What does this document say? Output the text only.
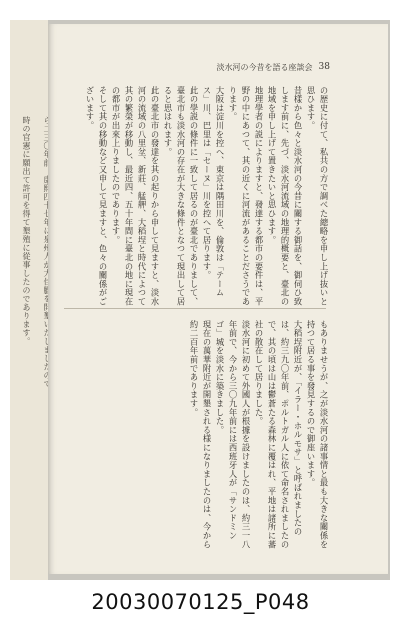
時の官憲に願出て許可を得て墾殖に從事したのであります。

淡水河の今昔を語る座談会 38

の歴史に付て、私共の方で調べた總略を申し上げ抜いと思ひます。

昔樣から色々と淡水河の今昔に關する御話を、御伺ひ致します前に、先づ、淡水河流域の地理的概要と、臺北の地域を申し上げて置きたいと思ひます。

地理學者の説によりますと、發達する都市の要件は、平野の中にあつて、其の近くに河流があることださうであります。

大阪は淀川を控へ、東京は隅田川を、倫敦は「テームス」川、巴里は「セーヌ」川を控へて居ります。

此の學説の條件に一致して居るのが臺北でありまして、臺北市も淡水河の存在が大きな條件となつて現出して居ると思はれます。

此の臺北市の發達を其の起りから申して見ますと、淡水河の流域の八里坌、新莊、艋舺、大稻埕と時代によつて其の繁榮が移動し、最近四、五十年間に臺北の地に現在の都市が出來上りましたのであります。

そして其の移動など又申して見ますと、色々の關係がございます。

もありませうが、之が淡水河の諸事情と最も大きな關係を持つて居る事を發見するので御座います。

大稻埕附近が、「イラー・ホルモサ」と呼ばれましたのは、約三九〇年前、ポルトガル人に依て命名されましたので、其の頃は山は鬱蒼たる森林に覆はれ、平地は諸所に蕃社の散在して居りました。

淡水河に初めて外國人が根據を設けましたのは、約三一八年前で、今から三〇九年前には西班牙人が「サンドミンゴ」城を淡水に築きました。

現在の萬華附近が開墾される様になりましたのは、今から約二百年前であります。

20030070125_P048
